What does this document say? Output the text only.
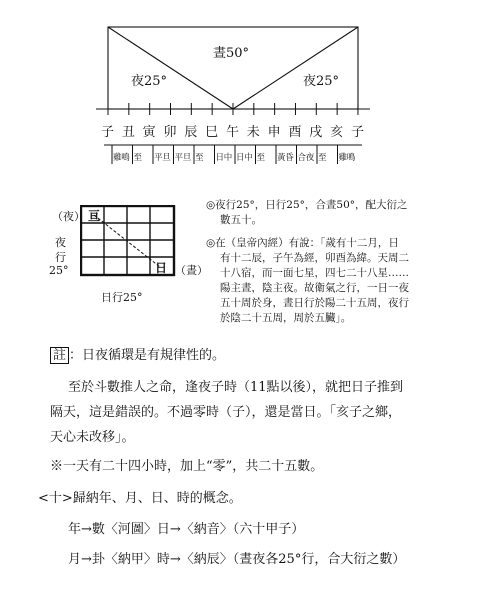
晝50°
夜25°	夜25°
子 丑 寅 卯 辰 巳 午 未 申 酉 戌 亥 子
雞鳴 至 平旦 平旦 至 日中 日中 至 黃昏 合夜 至 雞鳴
（夜） 亘
日 （晝）
夜
行
25°
日行25°
◎夜行25°，日行25°，合晝50°，配大衍之
數五十。
◎在（皇帝內經）有說：「歲有十二月，日
有十二辰，子午為經，卯酉為緯。天周二
十八宿，而一面七星，四七二十八星……
陽主晝，陰主夜。故衛氣之行，一日一夜
五十周於身，晝日行於陽二十五周，夜行
於陰二十五周，周於五臟」。
註 ：日夜循環是有規律性的。
至於斗數推人之命，逢夜子時（11點以後），就把日子推到
隔天，這是錯誤的。不過零時（子），還是當日。「亥子之鄉，
天心未改移」。
※一天有二十四小時，加上“零”，共二十五數。
<十>歸納年、月、日、時的概念。
年→數〈河圖〉日→〈納音〉（六十甲子）
月→卦〈納甲〉時→〈納辰〉（晝夜各25°行，合大衍之數）
